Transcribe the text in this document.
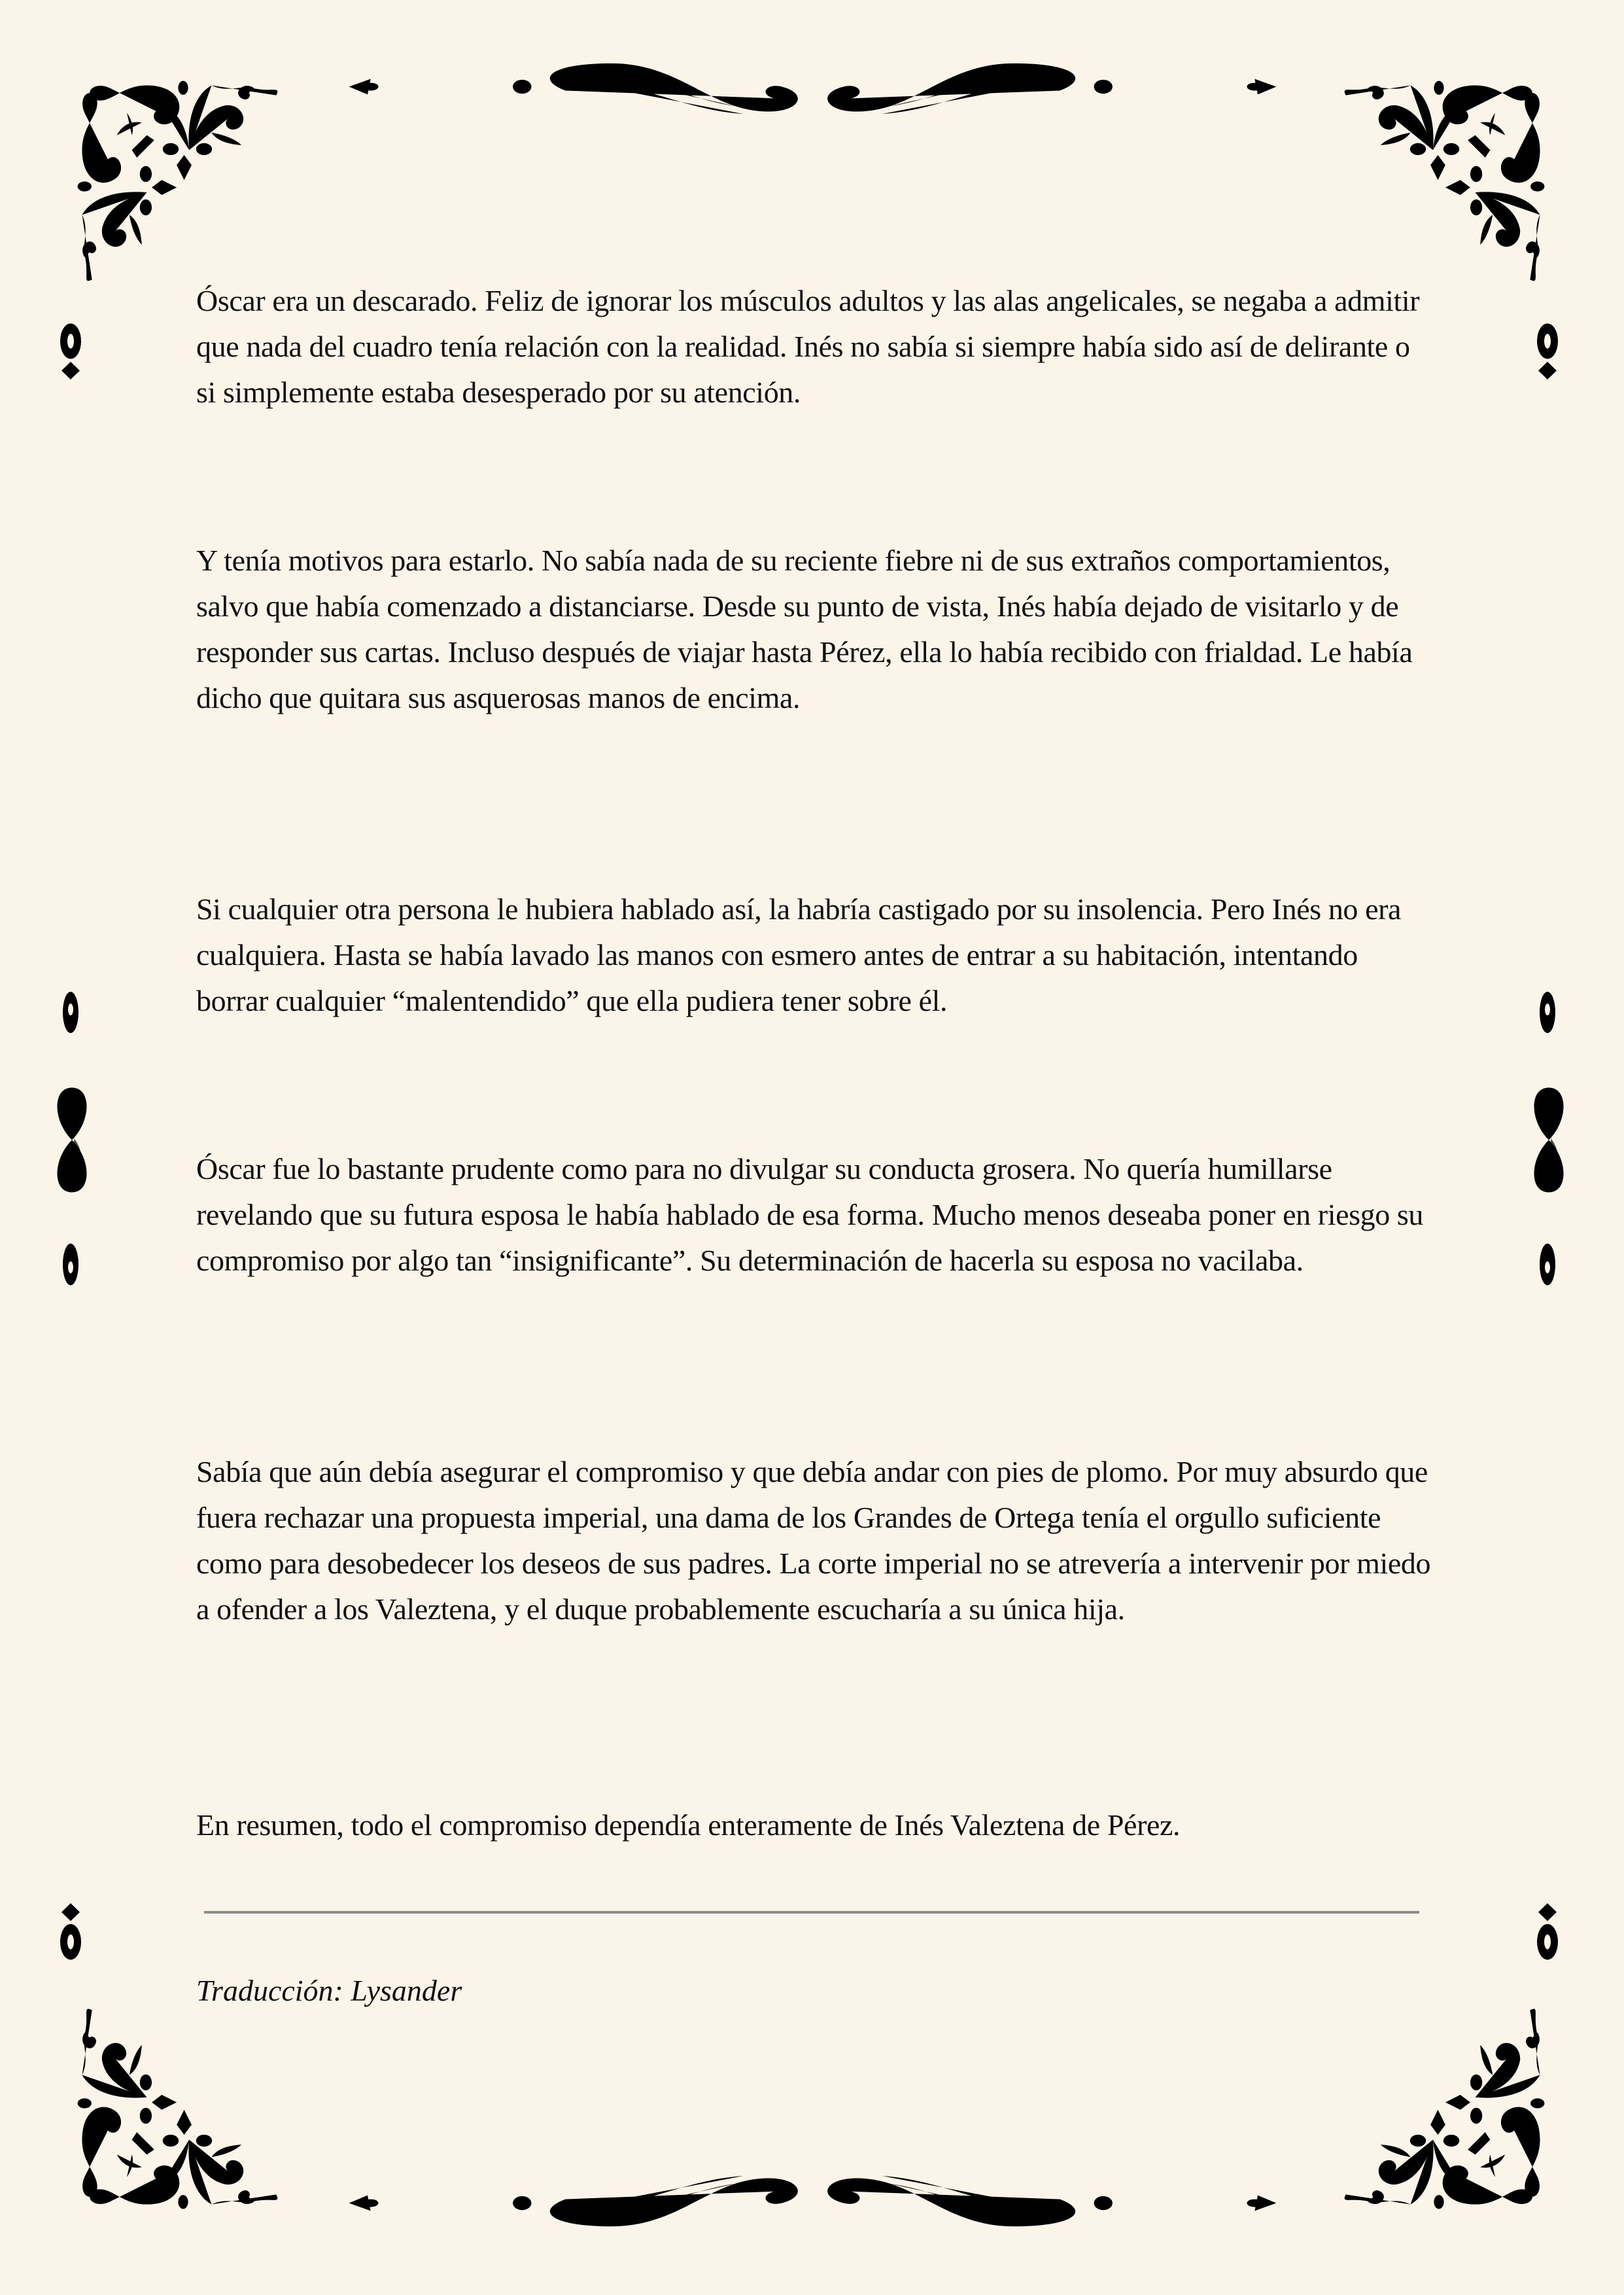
Óscar era un descarado. Feliz de ignorar los músculos adultos y las alas angelicales, se negaba a admitir que nada del cuadro tenía relación con la realidad. Inés no sabía si siempre había sido así de delirante o si simplemente estaba desesperado por su atención.

Y tenía motivos para estarlo. No sabía nada de su reciente fiebre ni de sus extraños comportamientos, salvo que había comenzado a distanciarse. Desde su punto de vista, Inés había dejado de visitarlo y de responder sus cartas. Incluso después de viajar hasta Pérez, ella lo había recibido con frialdad. Le había dicho que quitara sus asquerosas manos de encima.

Si cualquier otra persona le hubiera hablado así, la habría castigado por su insolencia. Pero Inés no era cualquiera. Hasta se había lavado las manos con esmero antes de entrar a su habitación, intentando borrar cualquier “malentendido” que ella pudiera tener sobre él.

Óscar fue lo bastante prudente como para no divulgar su conducta grosera. No quería humillarse revelando que su futura esposa le había hablado de esa forma. Mucho menos deseaba poner en riesgo su compromiso por algo tan “insignificante”. Su determinación de hacerla su esposa no vacilaba.

Sabía que aún debía asegurar el compromiso y que debía andar con pies de plomo. Por muy absurdo que fuera rechazar una propuesta imperial, una dama de los Grandes de Ortega tenía el orgullo suficiente como para desobedecer los deseos de sus padres. La corte imperial no se atrevería a intervenir por miedo a ofender a los Valeztena, y el duque probablemente escucharía a su única hija.

En resumen, todo el compromiso dependía enteramente de Inés Valeztena de Pérez.

Traducción: Lysander
